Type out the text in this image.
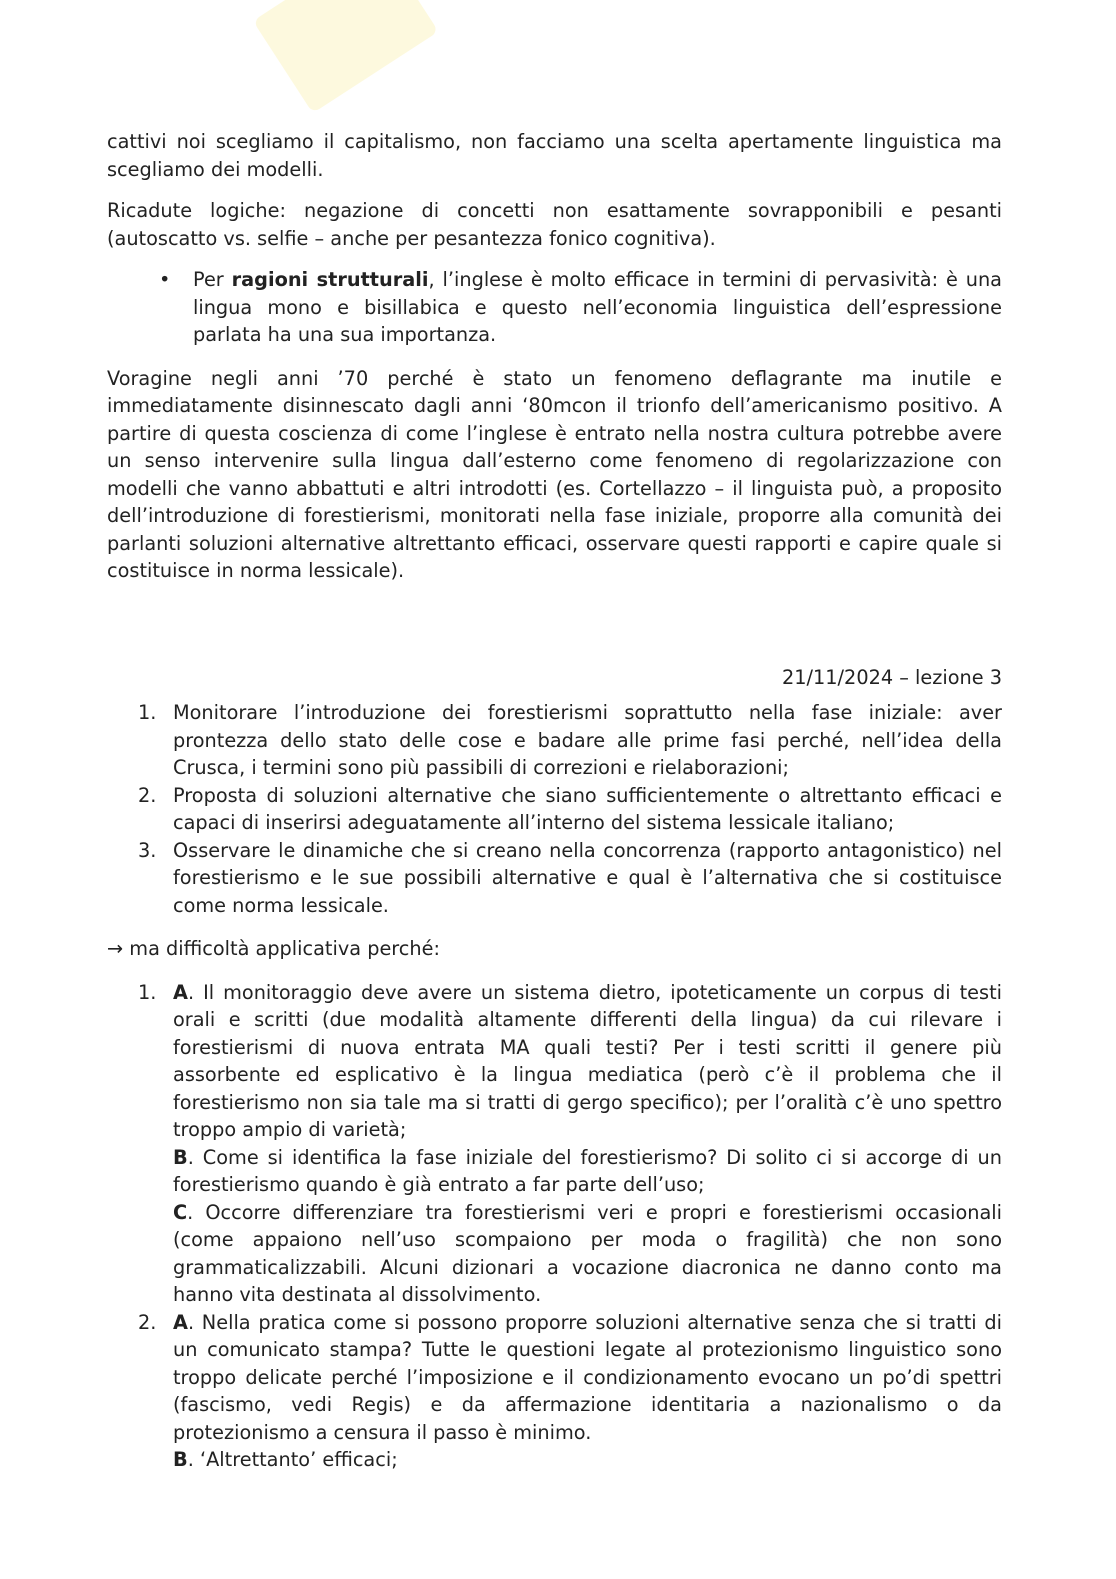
cattivi noi scegliamo il capitalismo, non facciamo una scelta apertamente linguistica ma scegliamo dei modelli.

Ricadute logiche: negazione di concetti non esattamente sovrapponibili e pesanti (autoscatto vs. selfie – anche per pesantezza fonico cognitiva).

• Per ragioni strutturali, l’inglese è molto efficace in termini di pervasività: è una lingua mono e bisillabica e questo nell’economia linguistica dell’espressione parlata ha una sua importanza.

Voragine negli anni ’70 perché è stato un fenomeno deflagrante ma inutile e immediatamente disinnescato dagli anni ‘80mcon il trionfo dell’americanismo positivo. A partire di questa coscienza di come l’inglese è entrato nella nostra cultura potrebbe avere un senso intervenire sulla lingua dall’esterno come fenomeno di regolarizzazione con modelli che vanno abbattuti e altri introdotti (es. Cortellazzo – il linguista può, a proposito dell’introduzione di forestierismi, monitorati nella fase iniziale, proporre alla comunità dei parlanti soluzioni alternative altrettanto efficaci, osservare questi rapporti e capire quale si costituisce in norma lessicale).

21/11/2024 – lezione 3

1. Monitorare l’introduzione dei forestierismi soprattutto nella fase iniziale: aver prontezza dello stato delle cose e badare alle prime fasi perché, nell’idea della Crusca, i termini sono più passibili di correzioni e rielaborazioni;
2. Proposta di soluzioni alternative che siano sufficientemente o altrettanto efficaci e capaci di inserirsi adeguatamente all’interno del sistema lessicale italiano;
3. Osservare le dinamiche che si creano nella concorrenza (rapporto antagonistico) nel forestierismo e le sue possibili alternative e qual è l’alternativa che si costituisce come norma lessicale.

→ ma difficoltà applicativa perché:

1. A. Il monitoraggio deve avere un sistema dietro, ipoteticamente un corpus di testi orali e scritti (due modalità altamente differenti della lingua) da cui rilevare i forestierismi di nuova entrata MA quali testi? Per i testi scritti il genere più assorbente ed esplicativo è la lingua mediatica (però c’è il problema che il forestierismo non sia tale ma si tratti di gergo specifico); per l’oralità c’è uno spettro troppo ampio di varietà;
B. Come si identifica la fase iniziale del forestierismo? Di solito ci si accorge di un forestierismo quando è già entrato a far parte dell’uso;
C. Occorre differenziare tra forestierismi veri e propri e forestierismi occasionali (come appaiono nell’uso scompaiono per moda o fragilità) che non sono grammaticalizzabili. Alcuni dizionari a vocazione diacronica ne danno conto ma hanno vita destinata al dissolvimento.
2. A. Nella pratica come si possono proporre soluzioni alternative senza che si tratti di un comunicato stampa? Tutte le questioni legate al protezionismo linguistico sono troppo delicate perché l’imposizione e il condizionamento evocano un po’di spettri (fascismo, vedi Regis) e da affermazione identitaria a nazionalismo o da protezionismo a censura il passo è minimo.
B. ‘Altrettanto’ efficaci;
